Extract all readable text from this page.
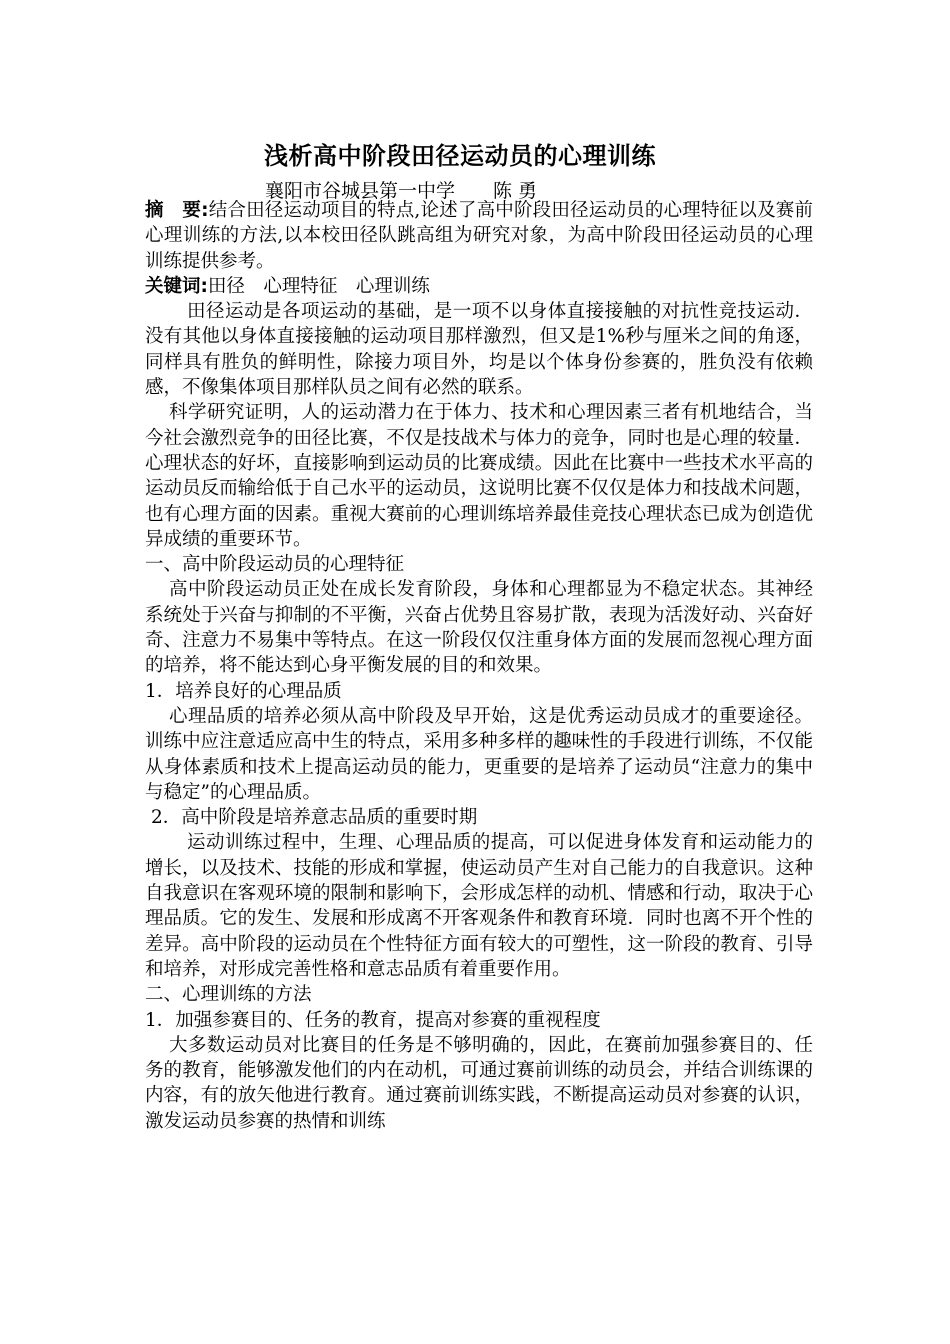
浅析高中阶段田径运动员的心理训练
襄阳市谷城县第一中学　　陈 勇

摘　要:结合田径运动项目的特点,论述了高中阶段田径运动员的心理特征以及赛前心理训练的方法,以本校田径队跳高组为研究对象，为高中阶段田径运动员的心理训练提供参考。

关键词:田径　心理特征　心理训练

田径运动是各项运动的基础，是一项不以身体直接接触的对抗性竞技运动．没有其他以身体直接接触的运动项目那样激烈，但又是1%秒与厘米之间的角逐，同样具有胜负的鲜明性，除接力项目外，均是以个体身份参赛的，胜负没有依赖感，不像集体项目那样队员之间有必然的联系。

科学研究证明，人的运动潜力在于体力、技术和心理因素三者有机地结合，当今社会激烈竞争的田径比赛，不仅是技战术与体力的竞争，同时也是心理的较量．心理状态的好坏，直接影响到运动员的比赛成绩。因此在比赛中一些技术水平高的运动员反而输给低于自己水平的运动员，这说明比赛不仅仅是体力和技战术问题，也有心理方面的因素。重视大赛前的心理训练培养最佳竞技心理状态已成为创造优异成绩的重要环节。

一、高中阶段运动员的心理特征

高中阶段运动员正处在成长发育阶段，身体和心理都显为不稳定状态。其神经系统处于兴奋与抑制的不平衡，兴奋占优势且容易扩散，表现为活泼好动、兴奋好奇、注意力不易集中等特点。在这一阶段仅仅注重身体方面的发展而忽视心理方面的培养，将不能达到心身平衡发展的目的和效果。

1．培养良好的心理品质

心理品质的培养必须从高中阶段及早开始，这是优秀运动员成才的重要途径。训练中应注意适应高中生的特点，采用多种多样的趣味性的手段进行训练，不仅能从身体素质和技术上提高运动员的能力，更重要的是培养了运动员“注意力的集中与稳定”的心理品质。

2．高中阶段是培养意志品质的重要时期

运动训练过程中，生理、心理品质的提高，可以促进身体发育和运动能力的增长，以及技术、技能的形成和掌握，使运动员产生对自己能力的自我意识。这种自我意识在客观环境的限制和影响下，会形成怎样的动机、情感和行动，取决于心理品质。它的发生、发展和形成离不开客观条件和教育环境．同时也离不开个性的差异。高中阶段的运动员在个性特征方面有较大的可塑性，这一阶段的教育、引导和培养，对形成完善性格和意志品质有着重要作用。

二、心理训练的方法

1．加强参赛目的、任务的教育，提高对参赛的重视程度

大多数运动员对比赛目的任务是不够明确的，因此，在赛前加强参赛目的、任务的教育，能够激发他们的内在动机，可通过赛前训练的动员会，并结合训练课的内容，有的放矢他进行教育。通过赛前训练实践，不断提高运动员对参赛的认识，激发运动员参赛的热情和训练
